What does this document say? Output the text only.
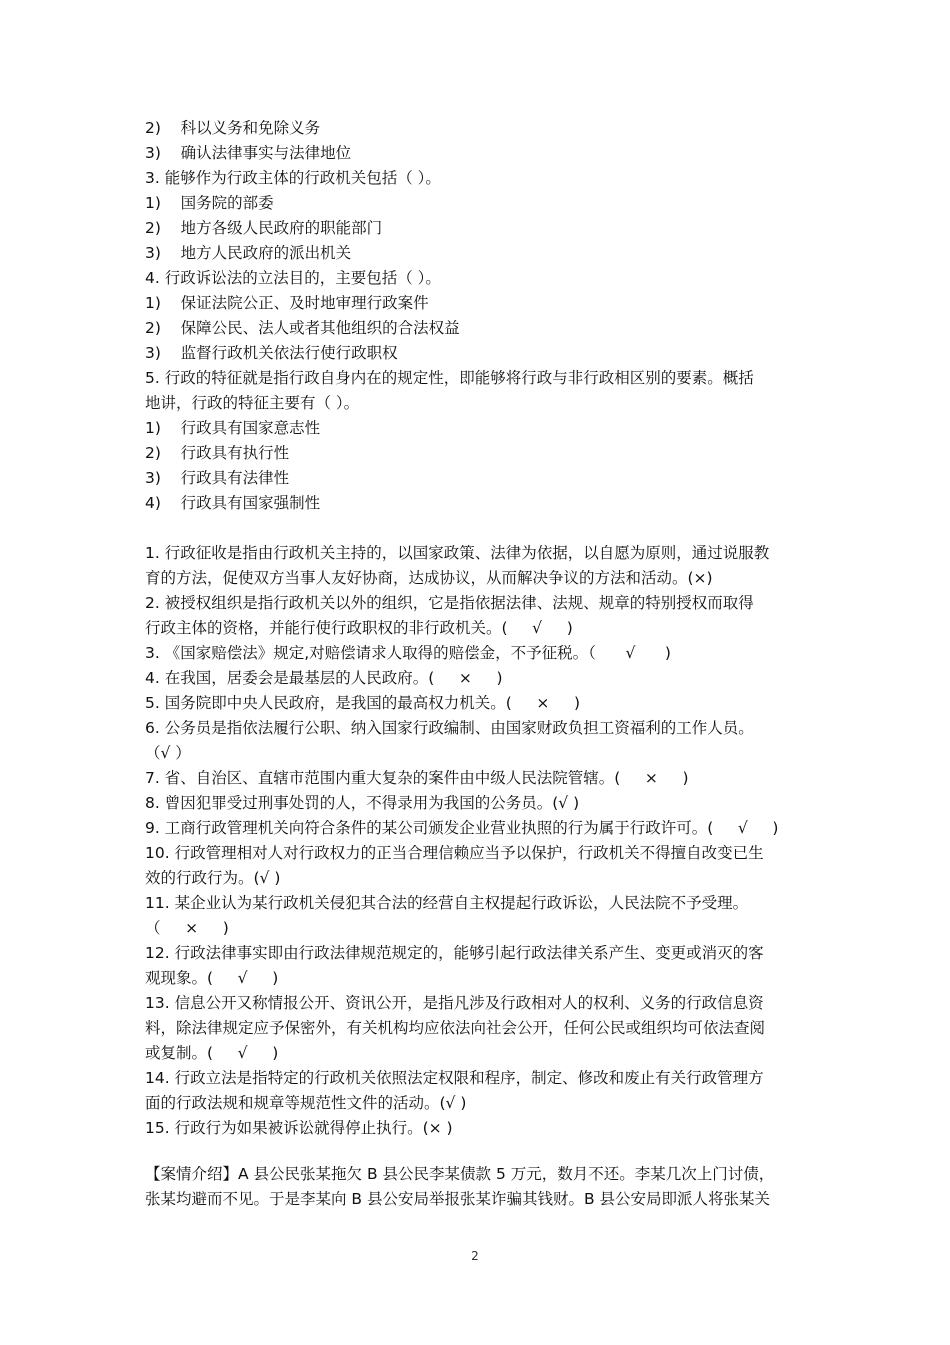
2)    科以义务和免除义务
3)    确认法律事实与法律地位
3. 能够作为行政主体的行政机关包括（ ）。
1)    国务院的部委
2)    地方各级人民政府的职能部门
3)    地方人民政府的派出机关
4. 行政诉讼法的立法目的，主要包括（ ）。
1)    保证法院公正、及时地审理行政案件
2)    保障公民、法人或者其他组织的合法权益
3)    监督行政机关依法行使行政职权
5. 行政的特征就是指行政自身内在的规定性，即能够将行政与非行政相区别的要素。概括
地讲，行政的特征主要有（ ）。
1)    行政具有国家意志性
2)    行政具有执行性
3)    行政具有法律性
4)    行政具有国家强制性
1. 行政征收是指由行政机关主持的，以国家政策、法律为依据，以自愿为原则，通过说服教
育的方法，促使双方当事人友好协商，达成协议，从而解决争议的方法和活动。(×)
2. 被授权组织是指行政机关以外的组织，它是指依据法律、法规、规章的特别授权而取得
行政主体的资格，并能行使行政职权的非行政机关。(     √     )
3. 《国家赔偿法》规定,对赔偿请求人取得的赔偿金，不予征税。（      √      )
4. 在我国，居委会是最基层的人民政府。(     ×     )
5. 国务院即中央人民政府，是我国的最高权力机关。(     ×     )
6. 公务员是指依法履行公职、纳入国家行政编制、由国家财政负担工资福利的工作人员。
（√ ）
7. 省、自治区、直辖市范围内重大复杂的案件由中级人民法院管辖。(     ×     )
8. 曾因犯罪受过刑事处罚的人，不得录用为我国的公务员。(√ )
9. 工商行政管理机关向符合条件的某公司颁发企业营业执照的行为属于行政许可。(     √     )
10. 行政管理相对人对行政权力的正当合理信赖应当予以保护，行政机关不得擅自改变已生
效的行政行为。(√ )
11. 某企业认为某行政机关侵犯其合法的经营自主权提起行政诉讼，人民法院不予受理。
（     ×     )
12. 行政法律事实即由行政法律规范规定的，能够引起行政法律关系产生、变更或消灭的客
观现象。(     √     )
13. 信息公开又称情报公开、资讯公开，是指凡涉及行政相对人的权利、义务的行政信息资
料，除法律规定应予保密外，有关机构均应依法向社会公开，任何公民或组织均可依法查阅
或复制。(     √     )
14. 行政立法是指特定的行政机关依照法定权限和程序，制定、修改和废止有关行政管理方
面的行政法规和规章等规范性文件的活动。(√ )
15. 行政行为如果被诉讼就得停止执行。(× )
【案情介绍】A 县公民张某拖欠 B 县公民李某债款 5 万元，数月不还。李某几次上门讨债，
张某均避而不见。于是李某向 B 县公安局举报张某诈骗其钱财。B 县公安局即派人将张某关
2
